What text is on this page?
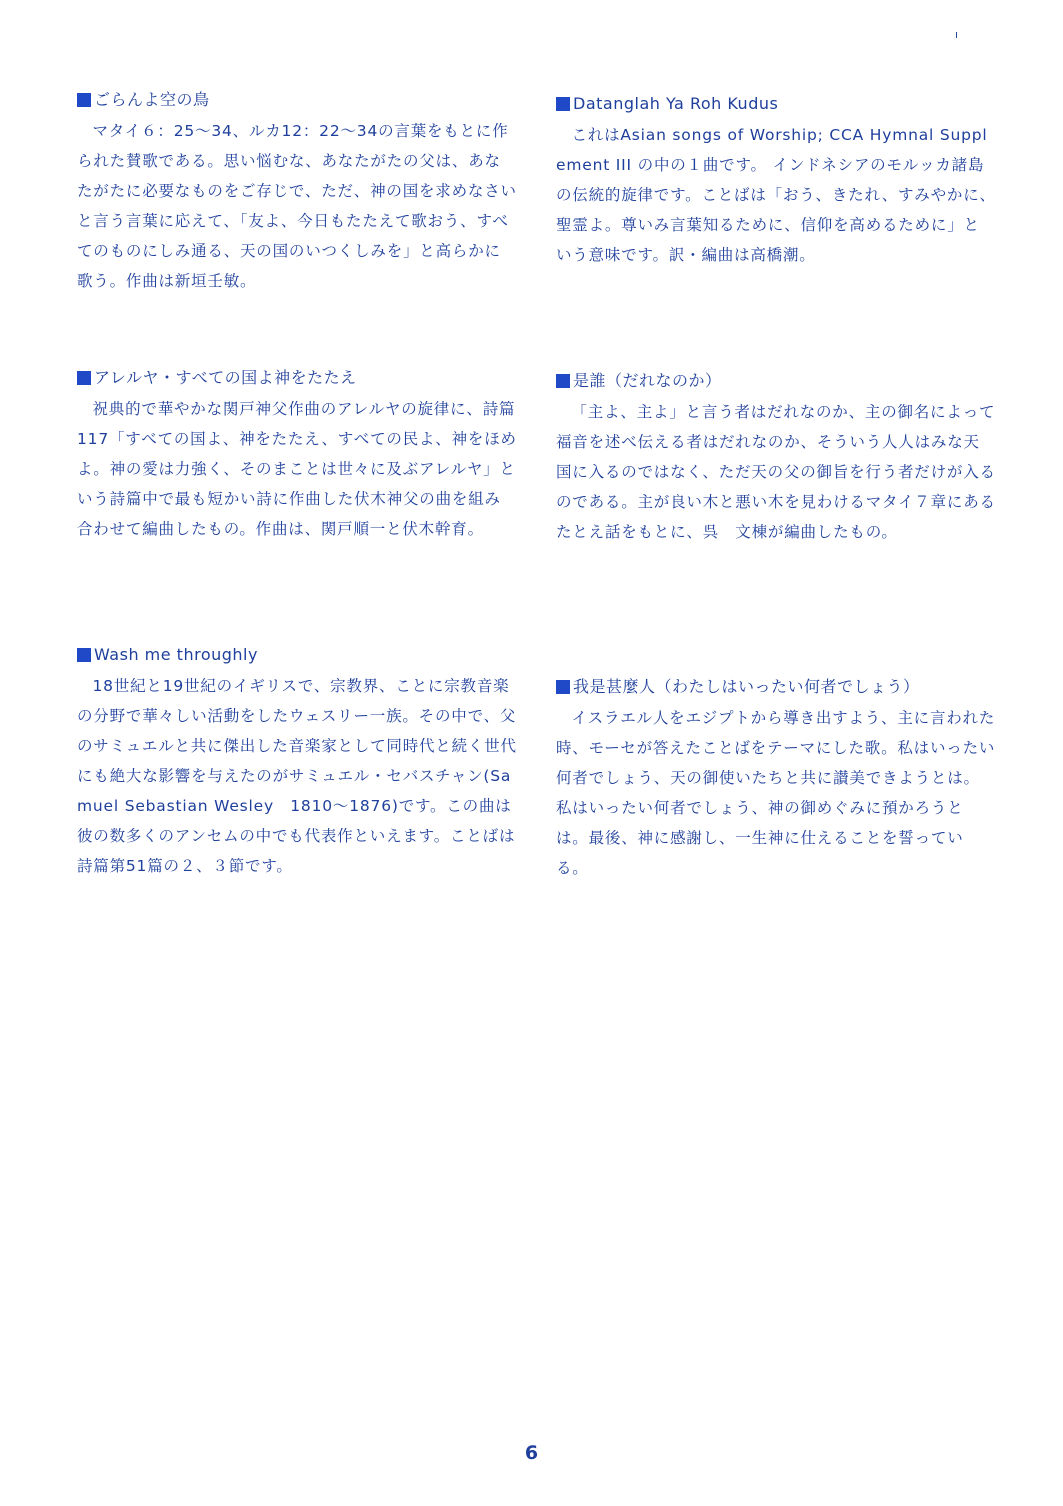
ı
ごらんよ空の鳥

マタイ６：25～34、ルカ12：22～34の言葉をもとに作られた賛歌である。思い悩むな、あなたがたの父は、あなたがたに必要なものをご存じで、ただ、神の国を求めなさいと言う言葉に応えて、「友よ、今日もたたえて歌おう、すべてのものにしみ通る、天の国のいつくしみを」と高らかに歌う。作曲は新垣壬敏。

Datanglah Ya Roh Kudus

これはAsian songs of Worship; CCA Hymnal Supplement III の中の１曲です。 インドネシアのモルッカ諸島の伝統的旋律です。ことばは「おう、きたれ、すみやかに、聖霊よ。尊いみ言葉知るために、信仰を高めるために」という意味です。訳・編曲は高橋潮。

アレルヤ・すべての国よ神をたたえ

祝典的で華やかな関戸神父作曲のアレルヤの旋律に、詩篇117「すべての国よ、神をたたえ、すべての民よ、神をほめよ。神の愛は力強く、そのまことは世々に及ぶアレルヤ」という詩篇中で最も短かい詩に作曲した伏木神父の曲を組み合わせて編曲したもの。作曲は、関戸順一と伏木幹育。

是誰（だれなのか）

「主よ、主よ」と言う者はだれなのか、主の御名によって福音を述べ伝える者はだれなのか、そういう人人はみな天国に入るのではなく、ただ天の父の御旨を行う者だけが入るのである。主が良い木と悪い木を見わけるマタイ７章にあるたとえ話をもとに、呉　文棟が編曲したもの。

Wash me throughly

18世紀と19世紀のイギリスで、宗教界、ことに宗教音楽の分野で華々しい活動をしたウェスリー一族。その中で、父のサミュエルと共に傑出した音楽家として同時代と続く世代にも絶大な影響を与えたのがサミュエル・セバスチャン(Samuel Sebastian Wesley　1810～1876)です。この曲は彼の数多くのアンセムの中でも代表作といえます。ことばは詩篇第51篇の２、３節です。

我是甚麼人（わたしはいったい何者でしょう）

イスラエル人をエジプトから導き出すよう、主に言われた時、モーセが答えたことばをテーマにした歌。私はいったい何者でしょう、天の御使いたちと共に讃美できようとは。私はいったい何者でしょう、神の御めぐみに預かろうとは。最後、神に感謝し、一生神に仕えることを誓っている。

6
